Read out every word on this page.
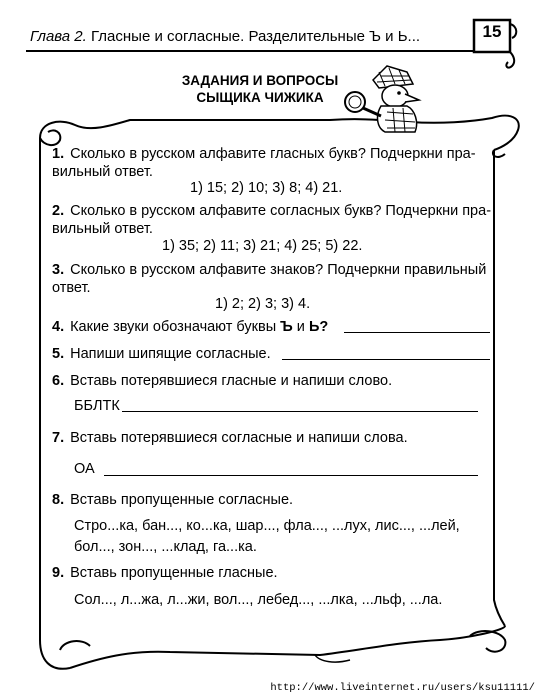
Глава 2. Гласные и согласные. Разделительные Ъ и Ь...	15
ЗАДАНИЯ И ВОПРОСЫ
СЫЩИКА ЧИЖИКА
1. Сколько в русском алфавите гласных букв? Подчеркни пра-
вильный ответ.
1) 15; 2) 10; 3) 8; 4) 21.
2. Сколько в русском алфавите согласных букв? Подчеркни пра-
вильный ответ.
1) 35; 2) 11; 3) 21; 4) 25; 5) 22.
3. Сколько в русском алфавите знаков? Подчеркни правильный
ответ.
1) 2; 2) 3; 3) 4.
4. Какие звуки обозначают буквы Ъ и Ь?
5. Напиши шипящие согласные.
6. Вставь потерявшиеся гласные и напиши слово.
ББЛТК
7. Вставь потерявшиеся согласные и напиши слова.
ОА
8. Вставь пропущенные согласные.
Стро...ка, бан..., ко...ка, шар..., фла..., ...лух, лис..., ...лей,
бол..., зон..., ...клад, га...ка.
9. Вставь пропущенные гласные.
Сол..., л...жа, л...жи, вол..., лебед..., ...лка, ...льф, ...ла.
http://www.liveinternet.ru/users/ksu11111/
